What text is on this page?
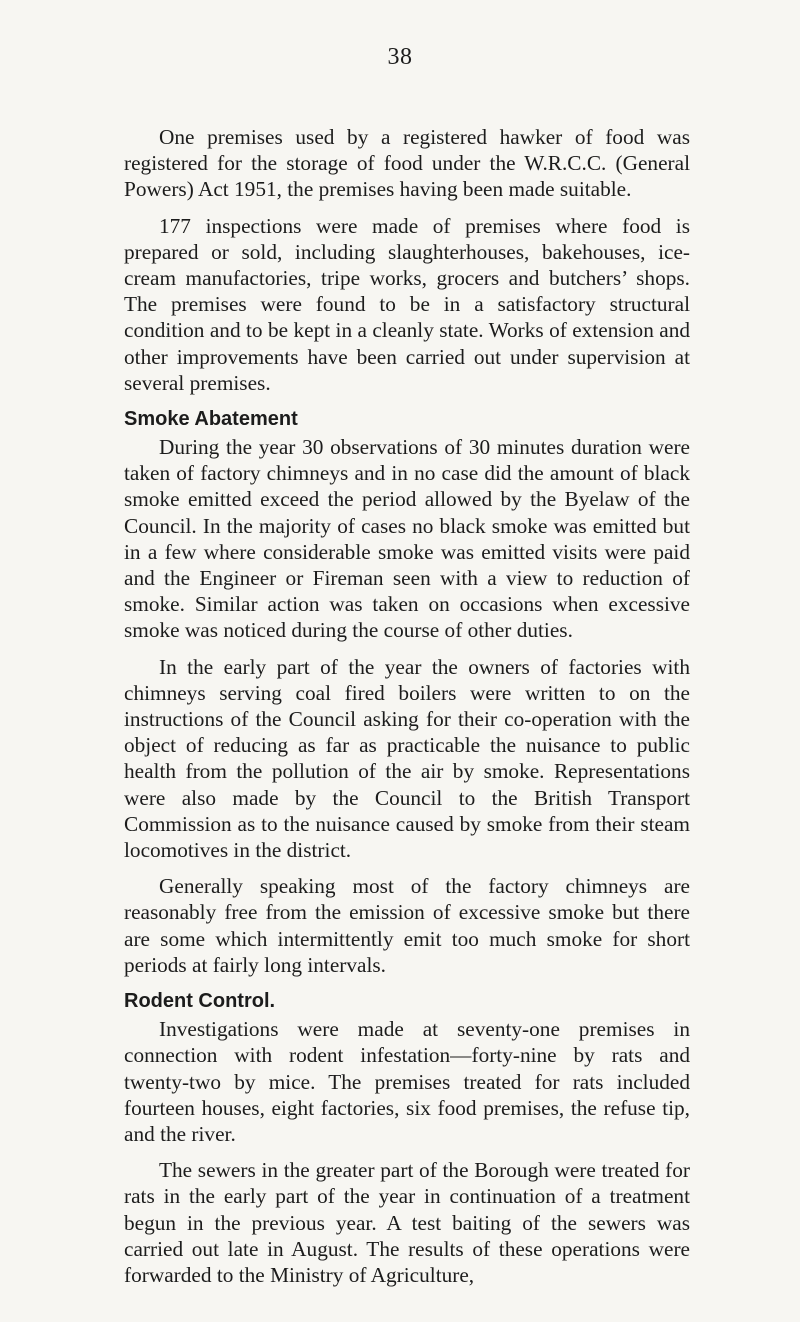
38

One premises used by a registered hawker of food was registered for the storage of food under the W.R.C.C. (General Powers) Act 1951, the premises having been made suitable.

177 inspections were made of premises where food is prepared or sold, including slaughterhouses, bakehouses, ice-cream manufactories, tripe works, grocers and butchers’ shops. The premises were found to be in a satisfactory structural condition and to be kept in a cleanly state. Works of extension and other improvements have been carried out under supervision at several premises.

Smoke Abatement

During the year 30 observations of 30 minutes duration were taken of factory chimneys and in no case did the amount of black smoke emitted exceed the period allowed by the Byelaw of the Council. In the majority of cases no black smoke was emitted but in a few where considerable smoke was emitted visits were paid and the Engineer or Fireman seen with a view to reduction of smoke. Similar action was taken on occasions when excessive smoke was noticed during the course of other duties.

In the early part of the year the owners of factories with chimneys serving coal fired boilers were written to on the instructions of the Council asking for their co-operation with the object of reducing as far as practicable the nuisance to public health from the pollution of the air by smoke. Representations were also made by the Council to the British Transport Commission as to the nuisance caused by smoke from their steam locomotives in the district.

Generally speaking most of the factory chimneys are reasonably free from the emission of excessive smoke but there are some which intermittently emit too much smoke for short periods at fairly long intervals.

Rodent Control.

Investigations were made at seventy-one premises in connection with rodent infestation—forty-nine by rats and twenty-two by mice. The premises treated for rats included fourteen houses, eight factories, six food premises, the refuse tip, and the river.

The sewers in the greater part of the Borough were treated for rats in the early part of the year in continuation of a treatment begun in the previous year. A test baiting of the sewers was carried out late in August. The results of these operations were forwarded to the Ministry of Agriculture,
